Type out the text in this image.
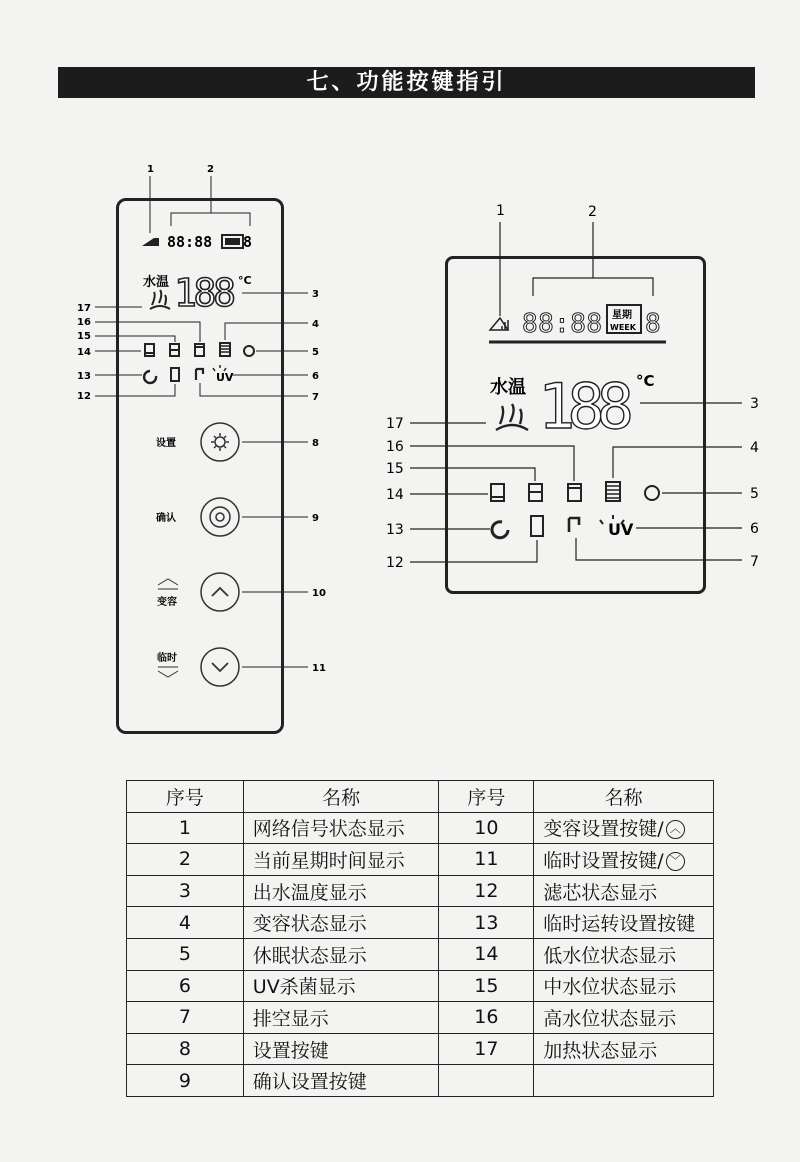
七、功能按键指引
88:88 8
水温 188 °C
UV
设置
确认
变容
临时
1	2
3
4
5
6
7
8
9
10
11
12
13
14
15
16
17
88:88 星期
WEEK 8
水温 188 °C
UV
1	2
3
4
5
6
7
12
13
14
15
16
17
序号	名称	序号	名称
1	网络信号状态显示	10	变容设置按键/ ︿
2	当前星期时间显示	11	临时设置按键/ ﹀
3	出水温度显示	12	滤芯状态显示
4	变容状态显示	13	临时运转设置按键
5	休眠状态显示	14	低水位状态显示
6	UV杀菌显示	15	中水位状态显示
7	排空显示	16	高水位状态显示
8	设置按键	17	加热状态显示
9	确认设置按键		
